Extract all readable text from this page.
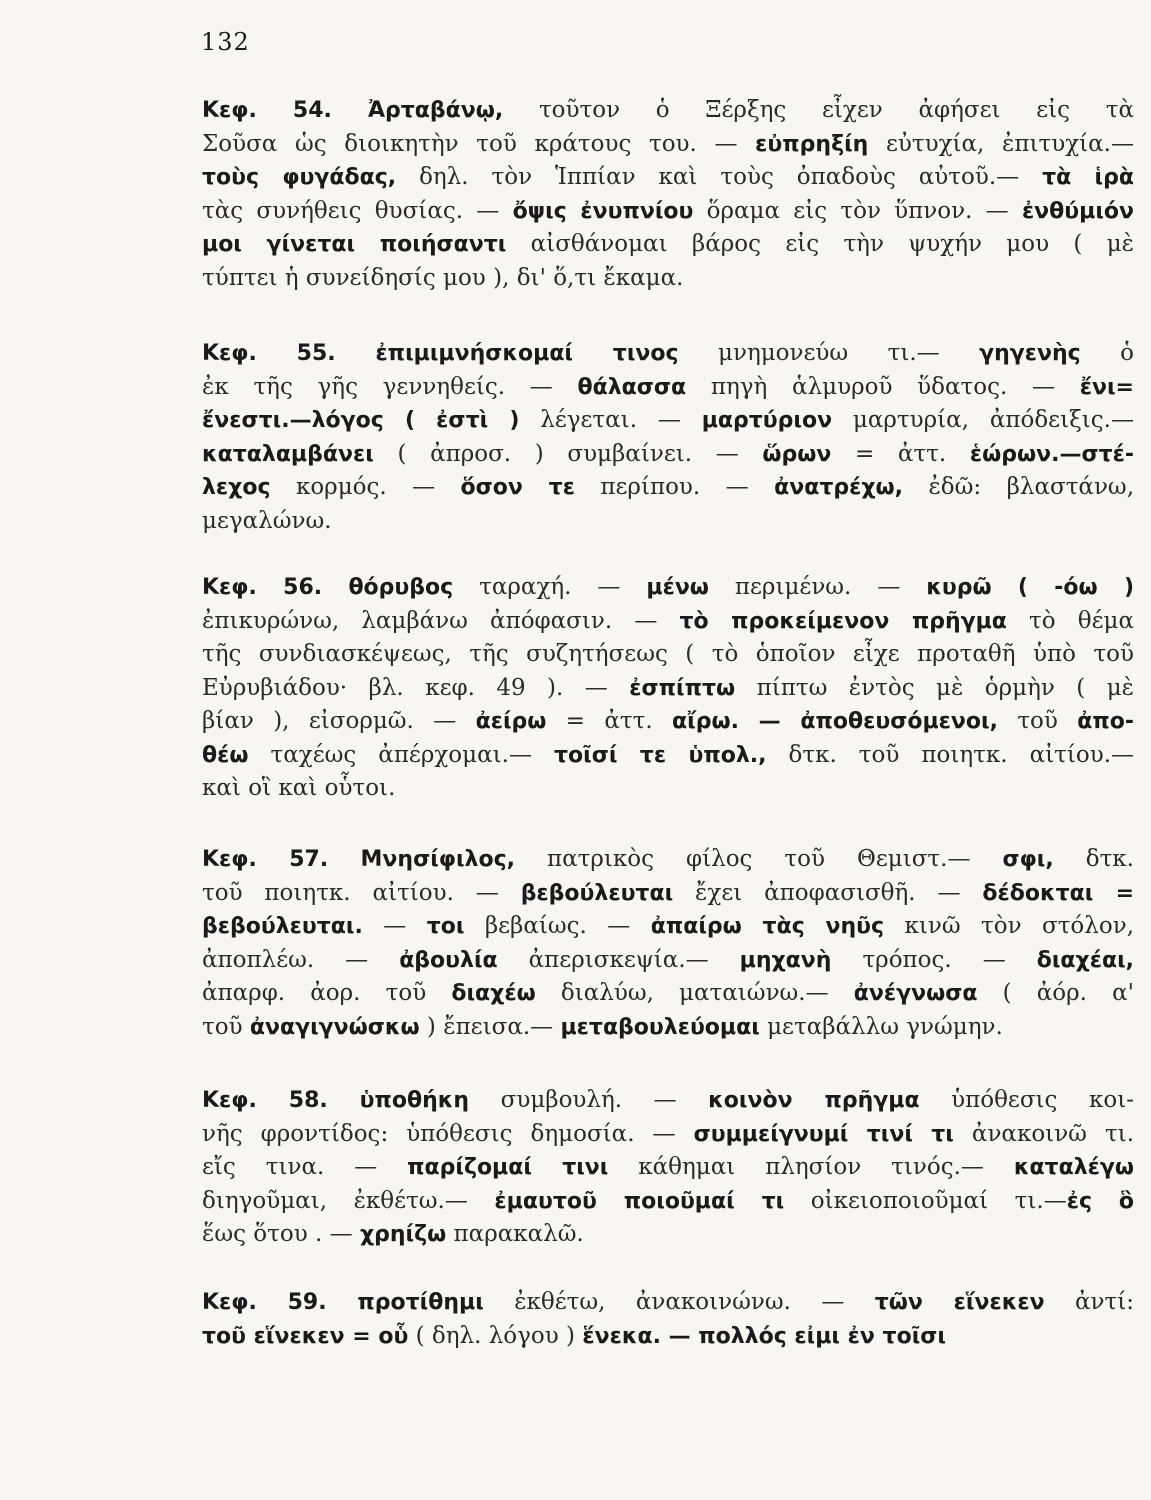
132
Κεφ. 54. Ἀρταβάνῳ, τοῦτον ὁ Ξέρξης εἶχεν ἀφήσει εἰς τὰ
Σοῦσα ὡς διοικητὴν τοῦ κράτους του. — εὐπρηξίη εὐτυχία, ἐπιτυχία.—
τοὺς φυγάδας, δηλ. τὸν Ἱππίαν καὶ τοὺς ὀπαδοὺς αὐτοῦ.— τὰ ἱρὰ
τὰς συνήθεις θυσίας. — ὄψις ἐνυπνίου ὅραμα εἰς τὸν ὕπνον. — ἐνθύμιόν
μοι γίνεται ποιήσαντι αἰσθάνομαι βάρος εἰς τὴν ψυχήν μου ( μὲ
τύπτει ἡ συνείδησίς μου ), δι' ὅ,τι ἔκαμα.
Κεφ. 55. ἐπιμιμνήσκομαί τινος μνημονεύω τι.— γηγενὴς ὁ
ἐκ τῆς γῆς γεννηθείς. — θάλασσα πηγὴ ἁλμυροῦ ὕδατος. — ἔνι=
ἔνεστι.—λόγος ( ἐστὶ ) λέγεται. — μαρτύριον μαρτυρία, ἀπόδειξις.—
καταλαμβάνει ( ἀπροσ. ) συμβαίνει. — ὥρων = ἀττ. ἑώρων.—στέ-
λεχος κορμός. — ὅσον τε περίπου. — ἀνατρέχω, ἐδῶ: βλαστάνω,
μεγαλώνω.
Κεφ. 56. θόρυβος ταραχή. — μένω περιμένω. — κυρῶ ( -όω )
ἐπικυρώνω, λαμβάνω ἀπόφασιν. — τὸ προκείμενον πρῆγμα τὸ θέμα
τῆς συνδιασκέψεως, τῆς συζητήσεως ( τὸ ὁποῖον εἶχε προταθῆ ὑπὸ τοῦ
Εὐρυβιάδου· βλ. κεφ. 49 ). — ἐσπίπτω πίπτω ἐντὸς μὲ ὁρμὴν ( μὲ
βίαν ), εἰσορμῶ. — ἀείρω = ἀττ. αἴρω. — ἀποθευσόμενοι, τοῦ ἀπο-
θέω ταχέως ἀπέρχομαι.— τοῖσί τε ὑπολ., δτκ. τοῦ ποιητκ. αἰτίου.—
καὶ οἳ καὶ οὗτοι.
Κεφ. 57. Μνησίφιλος, πατρικὸς φίλος τοῦ Θεμιστ.— σφι, δτκ.
τοῦ ποιητκ. αἰτίου. — βεβούλευται ἔχει ἀποφασισθῆ. — δέδοκται =
βεβούλευται. — τοι βεβαίως. — ἀπαίρω τὰς νηῦς κινῶ τὸν στόλον,
ἀποπλέω. — ἀβουλία ἀπερισκεψία.— μηχανὴ τρόπος. — διαχέαι,
ἀπαρφ. ἀορ. τοῦ διαχέω διαλύω, ματαιώνω.— ἀνέγνωσα ( ἀόρ. α'
τοῦ ἀναγιγνώσκω ) ἔπεισα.— μεταβουλεύομαι μεταβάλλω γνώμην.
Κεφ. 58. ὑποθήκη συμβουλή. — κοινὸν πρῆγμα ὑπόθεσις κοι-
νῆς φροντίδος: ὑπόθεσις δημοσία. — συμμείγνυμί τινί τι ἀνακοινῶ τι.
εἴς τινα. — παρίζομαί τινι κάθημαι πλησίον τινός.— καταλέγω
διηγοῦμαι, ἐκθέτω.— ἐμαυτοῦ ποιοῦμαί τι οἰκειοποιοῦμαί τι.—ἐς ὃ
ἕως ὅτου . — χρηίζω παρακαλῶ.
Κεφ. 59. προτίθημι ἐκθέτω, ἀνακοινώνω. — τῶν εἵνεκεν ἀντί:
τοῦ εἵνεκεν = οὗ ( δηλ. λόγου ) ἕνεκα. — πολλός εἰμι ἐν τοῖσι
